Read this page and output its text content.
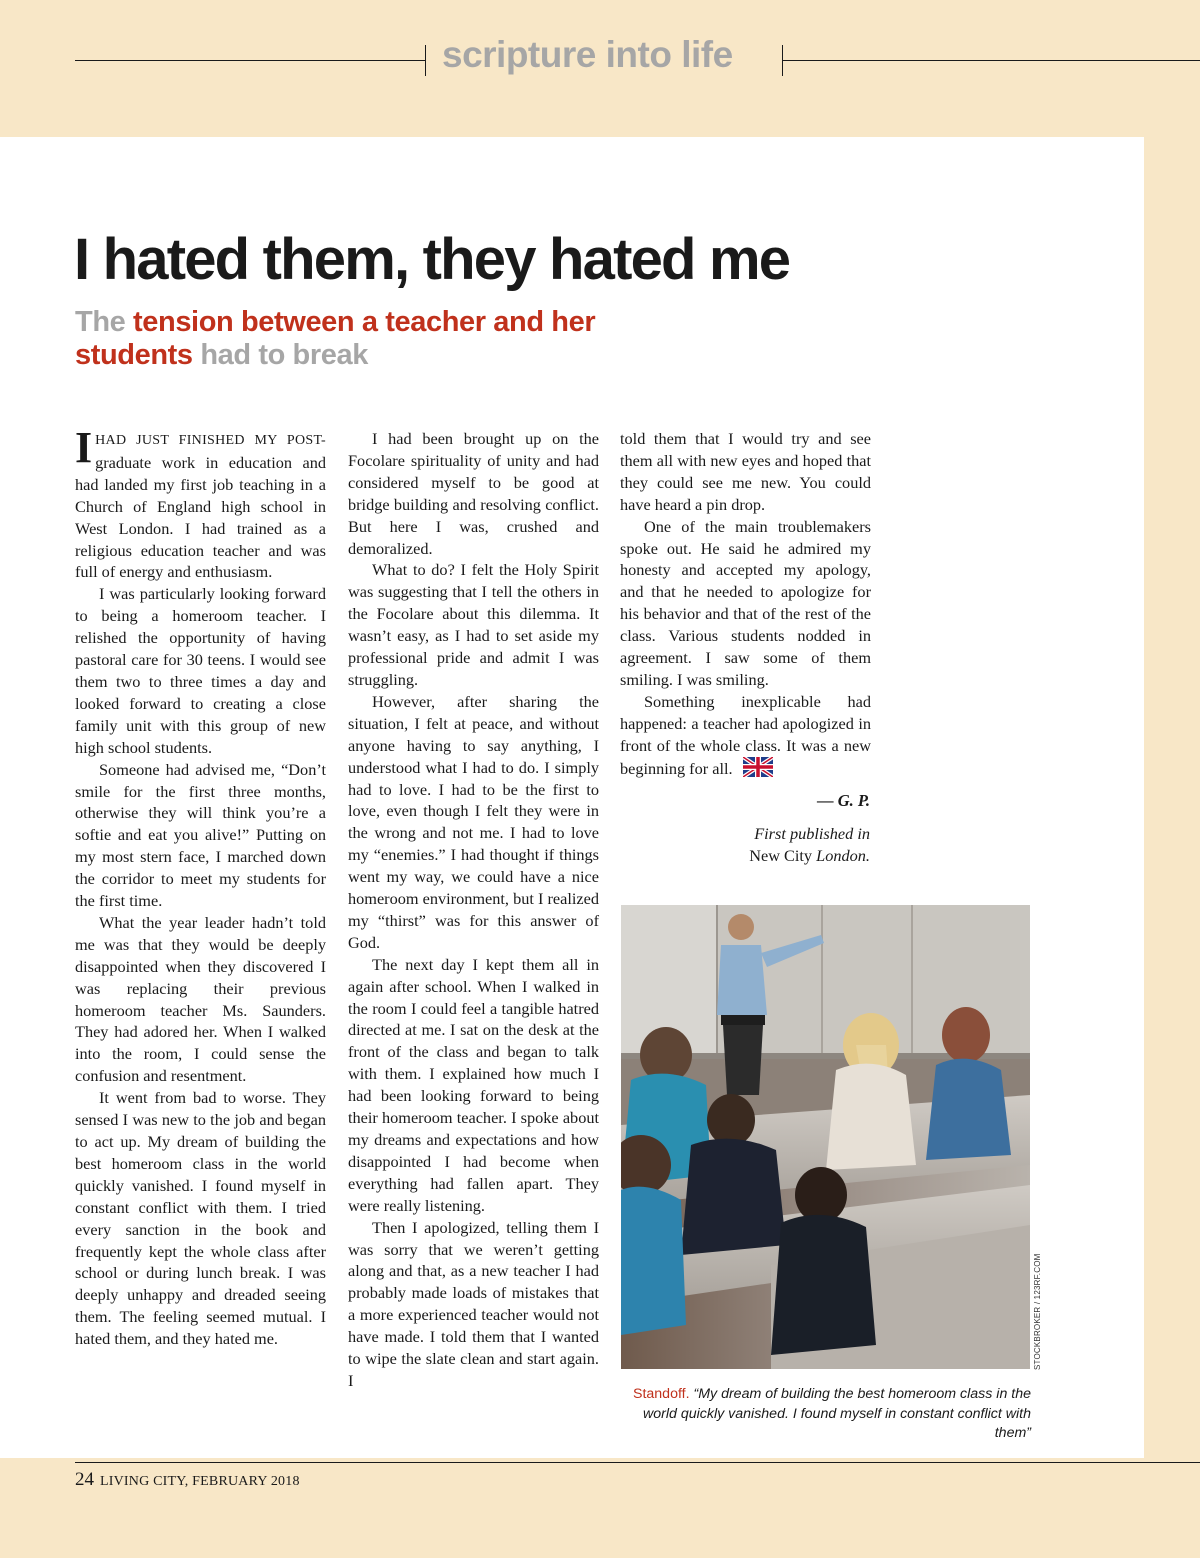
scripture into life
I hated them, they hated me
The tension between a teacher and her students had to break

IHAD JUST FINISHED MY POST- graduate work in education and had landed my first job teaching in a Church of England high school in West London. I had trained as a religious education teacher and was full of energy and enthusiasm.

I was particularly looking forward to being a homeroom teacher. I relished the opportunity of having pastoral care for 30 teens. I would see them two to three times a day and looked forward to creating a close family unit with this group of new high school students.

Someone had advised me, “Don’t smile for the first three months, otherwise they will think you’re a softie and eat you alive!” Putting on my most stern face, I marched down the corridor to meet my students for the first time.

What the year leader hadn’t told me was that they would be deeply disappointed when they discovered I was replacing their previous homeroom teacher Ms. Saunders. They had adored her. When I walked into the room, I could sense the confusion and resentment.

It went from bad to worse. They sensed I was new to the job and began to act up. My dream of building the best homeroom class in the world quickly vanished. I found myself in constant conflict with them. I tried every sanction in the book and frequently kept the whole class after school or during lunch break. I was deeply unhappy and dreaded seeing them. The feeling seemed mutual. I hated them, and they hated me.

I had been brought up on the Focolare spirituality of unity and had considered myself to be good at bridge building and resolving conflict. But here I was, crushed and demoralized.

What to do? I felt the Holy Spirit was suggesting that I tell the others in the Focolare about this dilemma. It wasn’t easy, as I had to set aside my professional pride and admit I was struggling.

However, after sharing the situation, I felt at peace, and without anyone having to say anything, I understood what I had to do. I simply had to love. I had to be the first to love, even though I felt they were in the wrong and not me. I had to love my “enemies.” I had thought if things went my way, we could have a nice homeroom environment, but I realized my “thirst” was for this answer of God.

The next day I kept them all in again after school. When I walked in the room I could feel a tangible hatred directed at me. I sat on the desk at the front of the class and began to talk with them. I explained how much I had been looking forward to being their homeroom teacher. I spoke about my dreams and expectations and how disappointed I had become when everything had fallen apart. They were really listening.

Then I apologized, telling them I was sorry that we weren’t getting along and that, as a new teacher I had probably made loads of mistakes that a more experienced teacher would not have made. I told them that I wanted to wipe the slate clean and start again. I

told them that I would try and see them all with new eyes and hoped that they could see me new. You could have heard a pin drop.

One of the main troublemakers spoke out. He said he admired my honesty and accepted my apology, and that he needed to apologize for his behavior and that of the rest of the class. Various students nodded in agreement. I saw some of them smiling. I was smiling.

Something inexplicable had happened: a teacher had apologized in front of the whole class. It was a new beginning for all.

— G. P.
First published in
New City London.
STOCKBROKER / 123RF.COM
Standoff. “My dream of building the best homeroom class in the world quickly vanished. I found myself in constant conflict with them”
24 LIVING CITY, FEBRUARY 2018
